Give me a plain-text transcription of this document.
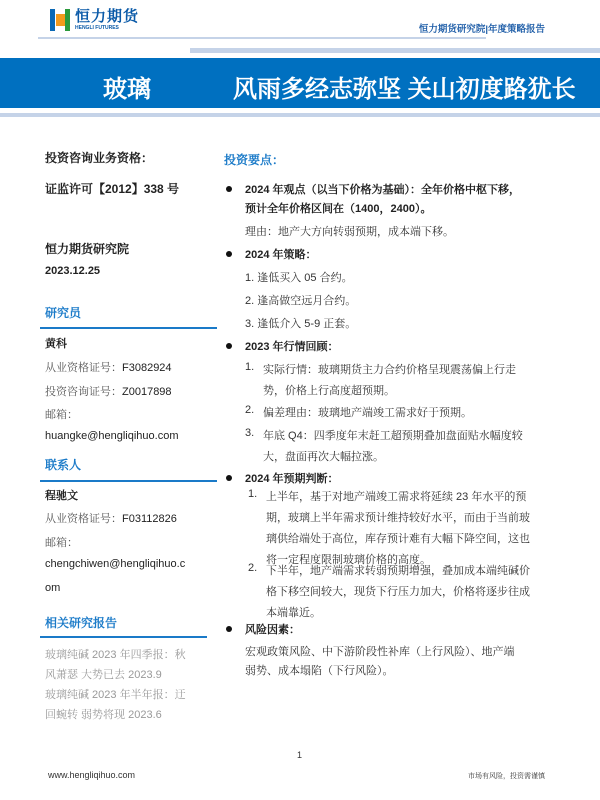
恒力期货
HENGLI FUTURES	恒力期货研究院|年度策略报告
玻璃	风雨多经志弥坚 关山初度路犹长
投资咨询业务资格：
证监许可【2012】338 号
恒力期货研究院
2023.12.25
研究员
黄科
从业资格证号：F3082924
投资咨询证号：Z0017898
邮箱：
huangke@hengliqihuo.com
联系人
程驰文
从业资格证号：F03112826
邮箱：
chengchiwen@hengliqihuo.c
om
相关研究报告
玻璃纯碱 2023 年四季报：秋
风萧瑟 大势已去 2023.9
玻璃纯碱 2023 年半年报：迂
回蜿转 弱势将现 2023.6
投资要点：
2024 年观点（以当下价格为基础）：全年价格中枢下移，
预计全年价格区间在（1400，2400）。
理由：地产大方向转弱预期，成本端下移。
2024 年策略：
1. 逢低买入 05 合约。
2. 逢高做空远月合约。
3. 逢低介入 5-9 正套。
2023 年行情回顾：
1. 实际行情：玻璃期货主力合约价格呈现震荡偏上行走
势，价格上行高度超预期。
2. 偏差理由：玻璃地产端竣工需求好于预期。
3. 年底 Q4：四季度年末赶工超预期叠加盘面贴水幅度较
大，盘面再次大幅拉涨。
2024 年预期判断：
1. 上半年，基于对地产端竣工需求将延续 23 年水平的预
期，玻璃上半年需求预计维持较好水平，而由于当前玻
璃供给端处于高位，库存预计难有大幅下降空间，这也
将一定程度限制玻璃价格的高度。
2. 下半年，地产端需求转弱预期增强，叠加成本端纯碱价
格下移空间较大，现货下行压力加大，价格将逐步往成
本端靠近。
风险因素：
宏观政策风险、中下游阶段性补库（上行风险）、地产端
弱势、成本塌陷（下行风险）。
1
www.hengliqihuo.com	市场有风险，投资需谨慎
